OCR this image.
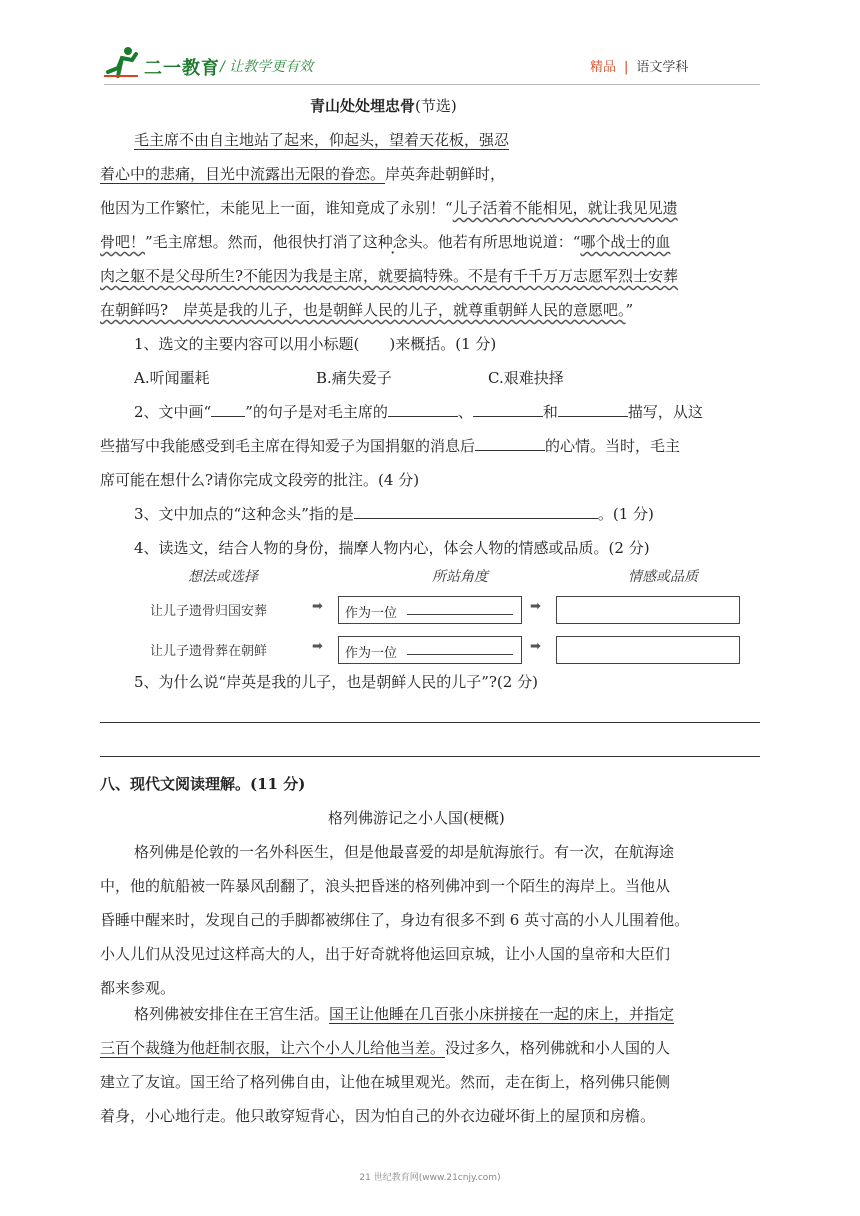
二一教育 / 让教学更有效	精品 | 语文学科
青山处处埋忠骨(节选)
毛主席不由自主地站了起来，仰起头，望着天花板，强忍
着心中的悲痛，目光中流露出无限的眷恋。岸英奔赴朝鲜时，
他因为工作繁忙，未能见上一面，谁知竟成了永别！“儿子活着不能相见，就让我见见遗
骨吧！”毛主席想。然而，他很快打消了这种念头。他若有所思地说道：“哪个战士的血
肉之躯不是父母所生?不能因为我是主席，就要搞特殊。不是有千千万万志愿军烈士安葬
在朝鲜吗?　岸英是我的儿子，也是朝鲜人民的儿子，就尊重朝鲜人民的意愿吧。”
1、选文的主要内容可以用小标题(　　)来概括。(1 分)
A.听闻噩耗	B.痛失爱子	C.艰难抉择
2、文中画“ ”的句子是对毛主席的	、	和	描写，从这
些描写中我能感受到毛主席在得知爱子为国捐躯的消息后	的心情。当时，毛主
席可能在想什么?请你完成文段旁的批注。(4 分)
3、文中加点的“这种念头”指的是	。(1 分)
4、读选文，结合人物的身份，揣摩人物内心，体会人物的情感或品质。(2 分)
想法或选择	所站角度	情感或品质
让儿子遗骨归国安葬	➡ 作为一位	➡
让儿子遗骨葬在朝鲜	➡ 作为一位	➡
5、为什么说“岸英是我的儿子，也是朝鲜人民的儿子”?(2 分)
八、现代文阅读理解。(11 分)
格列佛游记之小人国(梗概)
格列佛是伦敦的一名外科医生，但是他最喜爱的却是航海旅行。有一次，在航海途
中，他的航船被一阵暴风刮翻了，浪头把昏迷的格列佛冲到一个陌生的海岸上。当他从
昏睡中醒来时，发现自己的手脚都被绑住了，身边有很多不到 6 英寸高的小人儿围着他。
小人儿们从没见过这样高大的人，出于好奇就将他运回京城，让小人国的皇帝和大臣们
都来参观。
格列佛被安排住在王宫生活。国王让他睡在几百张小床拼接在一起的床上，并指定
三百个裁缝为他赶制衣服，让六个小人儿给他当差。没过多久，格列佛就和小人国的人
建立了友谊。国王给了格列佛自由，让他在城里观光。然而，走在街上，格列佛只能侧
着身，小心地行走。他只敢穿短背心，因为怕自己的外衣边碰坏街上的屋顶和房檐。
21 世纪教育网(www.21cnjy.com)
